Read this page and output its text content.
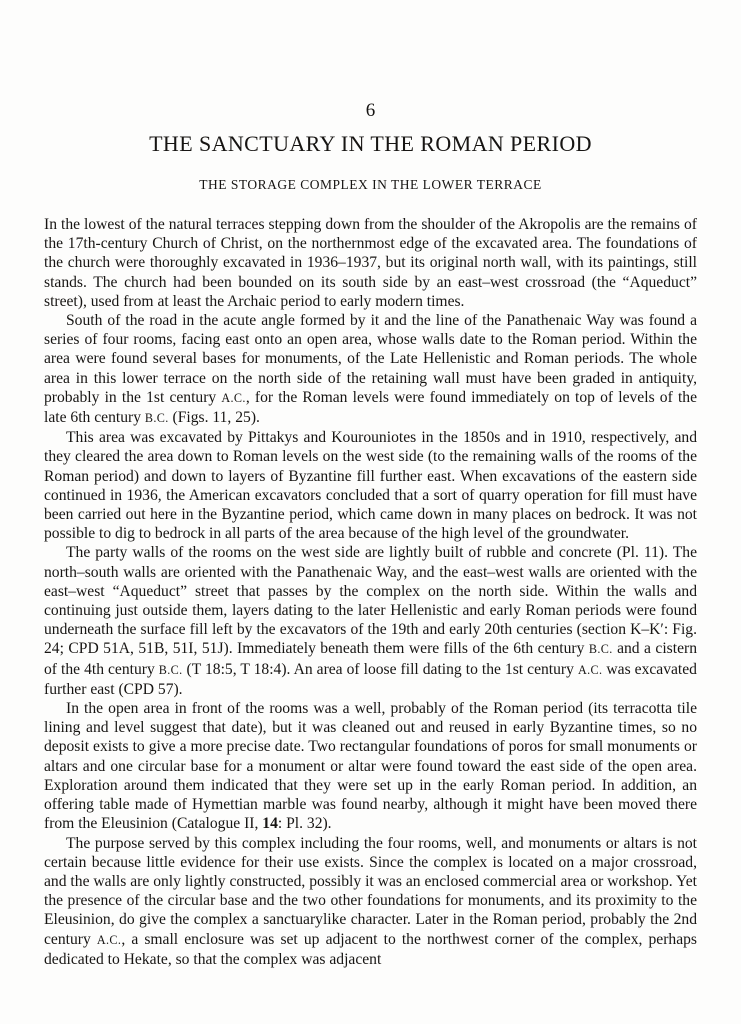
6
THE SANCTUARY IN THE ROMAN PERIOD
THE STORAGE COMPLEX IN THE LOWER TERRACE

In the lowest of the natural terraces stepping down from the shoulder of the Akropolis are the remains of the 17th-century Church of Christ, on the northernmost edge of the excavated area. The foundations of the church were thoroughly excavated in 1936–1937, but its original north wall, with its paintings, still stands. The church had been bounded on its south side by an east–west crossroad (the “Aqueduct” street), used from at least the Archaic period to early modern times.

South of the road in the acute angle formed by it and the line of the Panathenaic Way was found a series of four rooms, facing east onto an open area, whose walls date to the Roman period. Within the area were found several bases for monuments, of the Late Hellenistic and Roman periods. The whole area in this lower terrace on the north side of the retaining wall must have been graded in antiquity, probably in the 1st century A.C., for the Roman levels were found immediately on top of levels of the late 6th century B.C. (Figs. 11, 25).

This area was excavated by Pittakys and Kourouniotes in the 1850s and in 1910, respectively, and they cleared the area down to Roman levels on the west side (to the remaining walls of the rooms of the Roman period) and down to layers of Byzantine fill further east. When excavations of the eastern side continued in 1936, the American excavators concluded that a sort of quarry operation for fill must have been carried out here in the Byzantine period, which came down in many places on bedrock. It was not possible to dig to bedrock in all parts of the area because of the high level of the groundwater.

The party walls of the rooms on the west side are lightly built of rubble and concrete (Pl. 11). The north–south walls are oriented with the Panathenaic Way, and the east–west walls are oriented with the east–west “Aqueduct” street that passes by the complex on the north side. Within the walls and continuing just outside them, layers dating to the later Hellenistic and early Roman periods were found underneath the surface fill left by the excavators of the 19th and early 20th centuries (section K–K′: Fig. 24; CPD 51A, 51B, 51I, 51J). Immediately beneath them were fills of the 6th century B.C. and a cistern of the 4th century B.C. (T 18:5, T 18:4). An area of loose fill dating to the 1st century A.C. was excavated further east (CPD 57).

In the open area in front of the rooms was a well, probably of the Roman period (its terracotta tile lining and level suggest that date), but it was cleaned out and reused in early Byzantine times, so no deposit exists to give a more precise date. Two rectangular foundations of poros for small monuments or altars and one circular base for a monument or altar were found toward the east side of the open area. Exploration around them indicated that they were set up in the early Roman period. In addition, an offering table made of Hymettian marble was found nearby, although it might have been moved there from the Eleusinion (Catalogue II, 14: Pl. 32).

The purpose served by this complex including the four rooms, well, and monuments or altars is not certain because little evidence for their use exists. Since the complex is located on a major crossroad, and the walls are only lightly constructed, possibly it was an enclosed commercial area or workshop. Yet the presence of the circular base and the two other foundations for monuments, and its proximity to the Eleusinion, do give the complex a sanctuarylike character. Later in the Roman period, probably the 2nd century A.C., a small enclosure was set up adjacent to the northwest corner of the complex, perhaps dedicated to Hekate, so that the complex was adjacent
